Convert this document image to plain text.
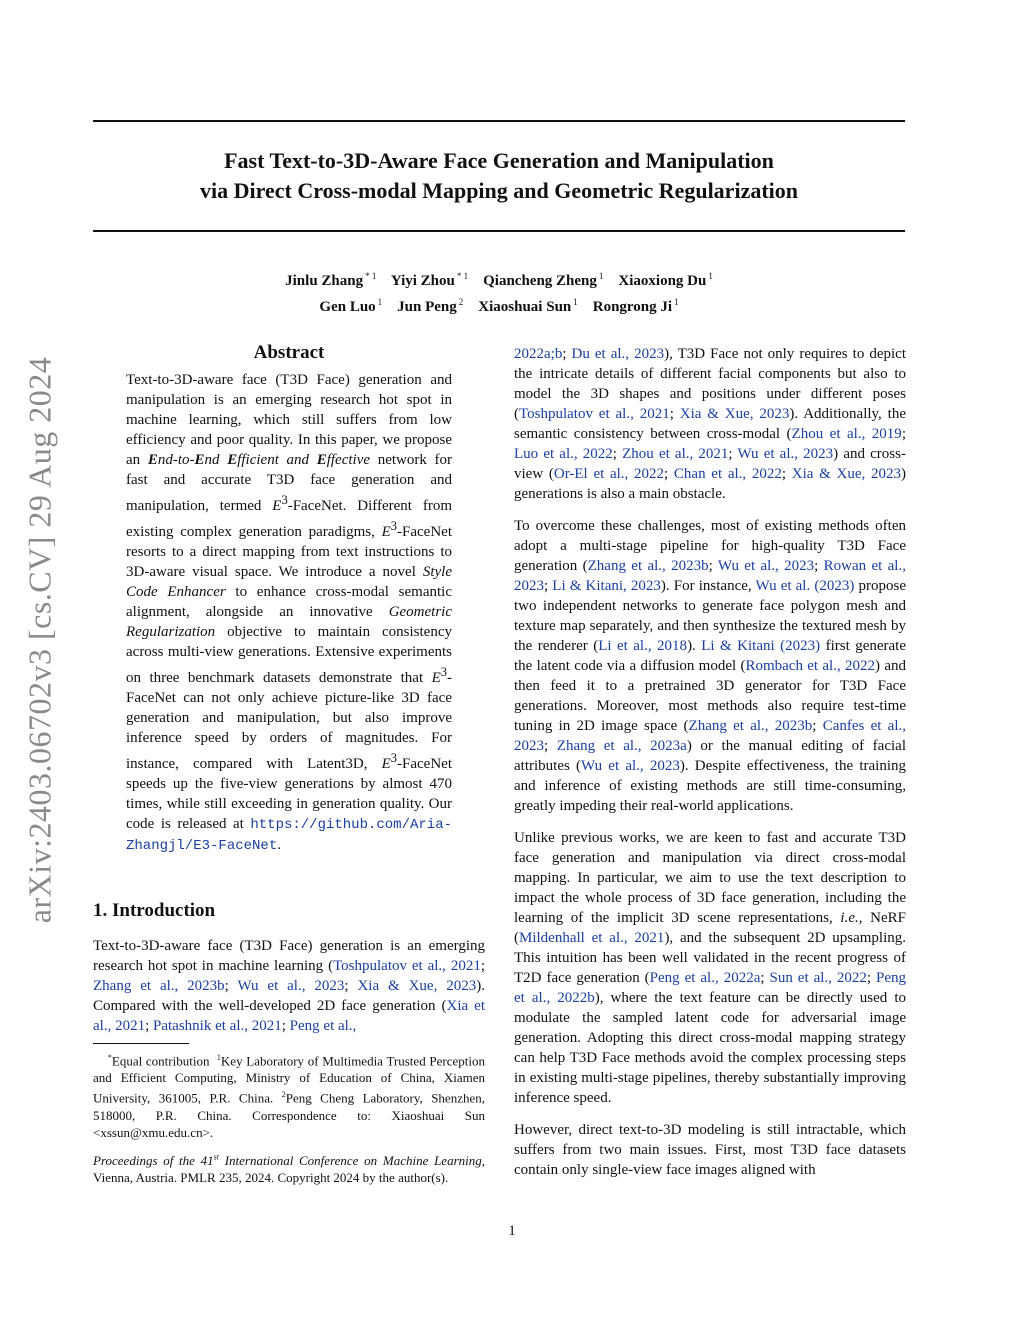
arXiv:2403.06702v3 [cs.CV] 29 Aug 2024
Fast Text-to-3D-Aware Face Generation and Manipulation
via Direct Cross-modal Mapping and Geometric Regularization
Jinlu Zhang $^{* 1}$ Yiyi Zhou $^{* 1}$ Qiancheng Zheng $^1$ Xiaoxiong Du $^1$
Gen Luo $^1$ Jun Peng $^2$ Xiaoshuai Sun $^1$ Rongrong Ji $^1$
Abstract
Text-to-3D-aware face (T3D Face) generation and manipulation is an emerging research hot spot in machine learning, which still suffers from low efficiency and poor quality. In this paper, we propose an End-to-End Efficient and Effective network for fast and accurate T3D face generation and manipulation, termed $E^3$-FaceNet. Different from existing complex generation paradigms, $E^3$-FaceNet resorts to a direct mapping from text instructions to 3D-aware visual space. We introduce a novel Style Code Enhancer to enhance cross-modal semantic alignment, alongside an innovative Geometric Regularization objective to maintain consistency across multi-view generations. Extensive experiments on three benchmark datasets demonstrate that $E^3$-FaceNet can not only achieve picture-like 3D face generation and manipulation, but also improve inference speed by orders of magnitudes. For instance, compared with Latent3D, $E^3$-FaceNet speeds up the five-view generations by almost 470 times, while still exceeding in generation quality. Our code is released at https://github.com/Aria-Zhangjl/E3-FaceNet.
1. Introduction
Text-to-3D-aware face (T3D Face) generation is an emerging research hot spot in machine learning (Toshpulatov et al., 2021; Zhang et al., 2023b; Wu et al., 2023; Xia & Xue, 2023). Compared with the well-developed 2D face generation (Xia et al., 2021; Patashnik et al., 2021; Peng et al.,
*Equal contribution $^1$Key Laboratory of Multimedia Trusted Perception and Efficient Computing, Ministry of Education of China, Xiamen University, 361005, P.R. China. $^2$Peng Cheng Laboratory, Shenzhen, 518000, P.R. China. Correspondence to: Xiaoshuai Sun <xssun@xmu.edu.cn>.
Proceedings of the 41st International Conference on Machine Learning, Vienna, Austria. PMLR 235, 2024. Copyright 2024 by the author(s).

2022a;b; Du et al., 2023), T3D Face not only requires to depict the intricate details of different facial components but also to model the 3D shapes and positions under different poses (Toshpulatov et al., 2021; Xia & Xue, 2023). Additionally, the semantic consistency between cross-modal (Zhou et al., 2019; Luo et al., 2022; Zhou et al., 2021; Wu et al., 2023) and cross-view (Or-El et al., 2022; Chan et al., 2022; Xia & Xue, 2023) generations is also a main obstacle.

To overcome these challenges, most of existing methods often adopt a multi-stage pipeline for high-quality T3D Face generation (Zhang et al., 2023b; Wu et al., 2023; Rowan et al., 2023; Li & Kitani, 2023). For instance, Wu et al. (2023) propose two independent networks to generate face polygon mesh and texture map separately, and then synthesize the textured mesh by the renderer (Li et al., 2018). Li & Kitani (2023) first generate the latent code via a diffusion model (Rombach et al., 2022) and then feed it to a pretrained 3D generator for T3D Face generations. Moreover, most methods also require test-time tuning in 2D image space (Zhang et al., 2023b; Canfes et al., 2023; Zhang et al., 2023a) or the manual editing of facial attributes (Wu et al., 2023). Despite effectiveness, the training and inference of existing methods are still time-consuming, greatly impeding their real-world applications.

Unlike previous works, we are keen to fast and accurate T3D face generation and manipulation via direct cross-modal mapping. In particular, we aim to use the text description to impact the whole process of 3D face generation, including the learning of the implicit 3D scene representations, i.e., NeRF (Mildenhall et al., 2021), and the subsequent 2D upsampling. This intuition has been well validated in the recent progress of T2D face generation (Peng et al., 2022a; Sun et al., 2022; Peng et al., 2022b), where the text feature can be directly used to modulate the sampled latent code for adversarial image generation. Adopting this direct cross-modal mapping strategy can help T3D Face methods avoid the complex processing steps in existing multi-stage pipelines, thereby substantially improving inference speed.

However, direct text-to-3D modeling is still intractable, which suffers from two main issues. First, most T3D face datasets contain only single-view face images aligned with

1
